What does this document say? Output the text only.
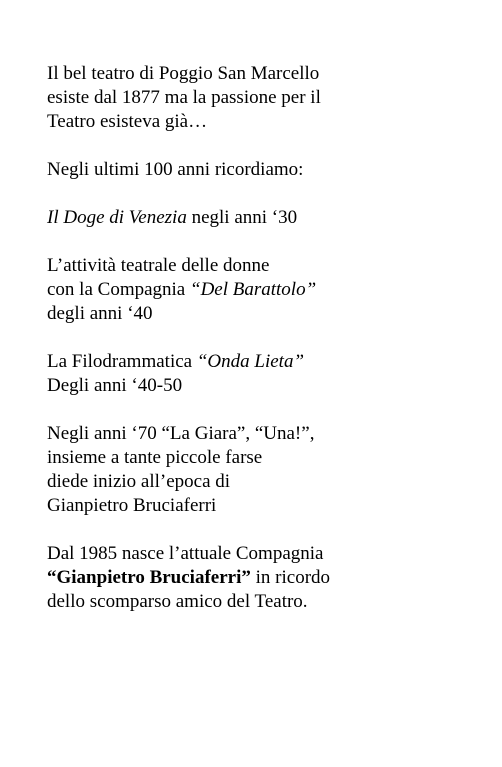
Il bel teatro di Poggio San Marcello
esiste dal 1877 ma la passione per il
Teatro esisteva già…

Negli ultimi 100 anni ricordiamo:

Il Doge di Venezia negli anni ‘30

L’attività teatrale delle donne
con la Compagnia “Del Barattolo”
degli anni ‘40

La Filodrammatica “Onda Lieta”
Degli anni ‘40-50

Negli anni ‘70 “La Giara”, “Una!”,
insieme a tante piccole farse
diede inizio all’epoca di
Gianpietro Bruciaferri

Dal 1985 nasce l’attuale Compagnia
“Gianpietro Bruciaferri” in ricordo
dello scomparso amico del Teatro.
